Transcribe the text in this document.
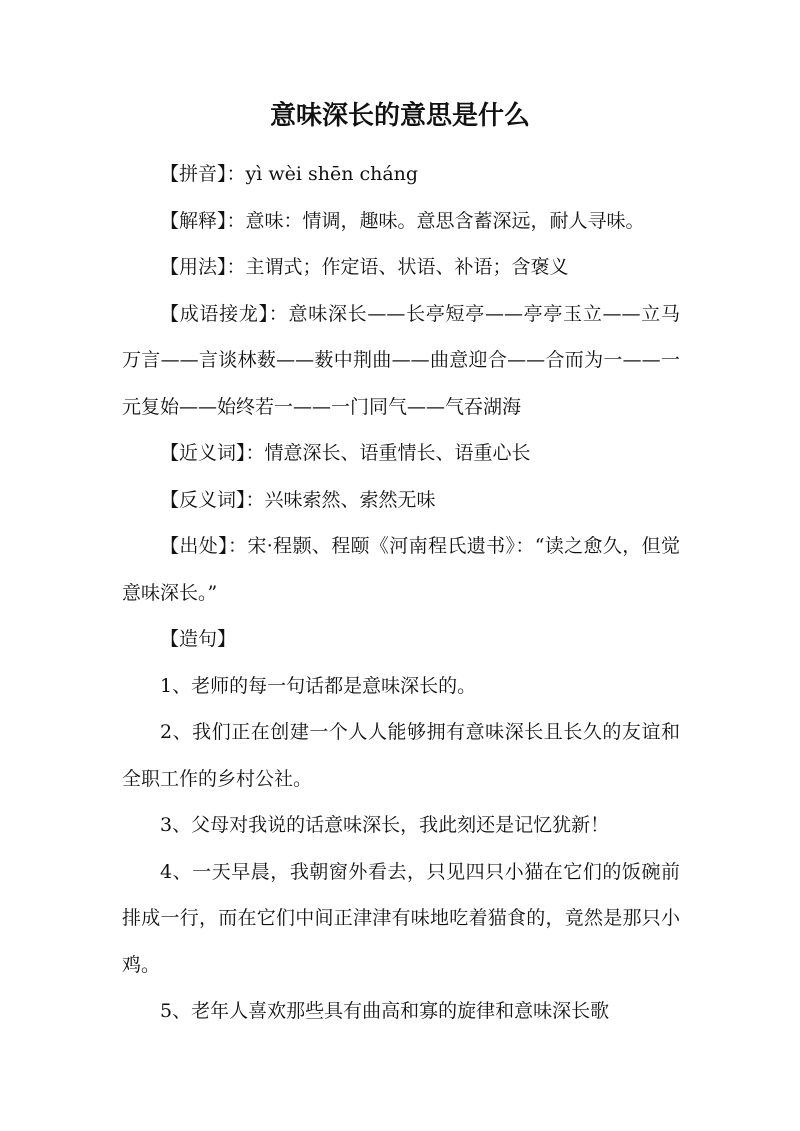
意味深长的意思是什么

【拼音】：yì wèi shēn cháng

【解释】：意味：情调，趣味。意思含蓄深远，耐人寻味。

【用法】：主谓式；作定语、状语、补语；含褒义

【成语接龙】：意味深长——长亭短亭——亭亭玉立——立马万言——言谈林薮——薮中荆曲——曲意迎合——合而为一——一元复始——始终若一——一门同气——气吞湖海

【近义词】：情意深长、语重情长、语重心长

【反义词】：兴味索然、索然无味

【出处】：宋·程颢、程颐《河南程氏遗书》：“读之愈久，但觉意味深长。”

【造句】

1、老师的每一句话都是意味深长的。

2、我们正在创建一个人人能够拥有意味深长且长久的友谊和全职工作的乡村公社。

3、父母对我说的话意味深长，我此刻还是记忆犹新！

4、一天早晨，我朝窗外看去，只见四只小猫在它们的饭碗前排成一行，而在它们中间正津津有味地吃着猫食的，竟然是那只小鸡。

5、老年人喜欢那些具有曲高和寡的旋律和意味深长歌
